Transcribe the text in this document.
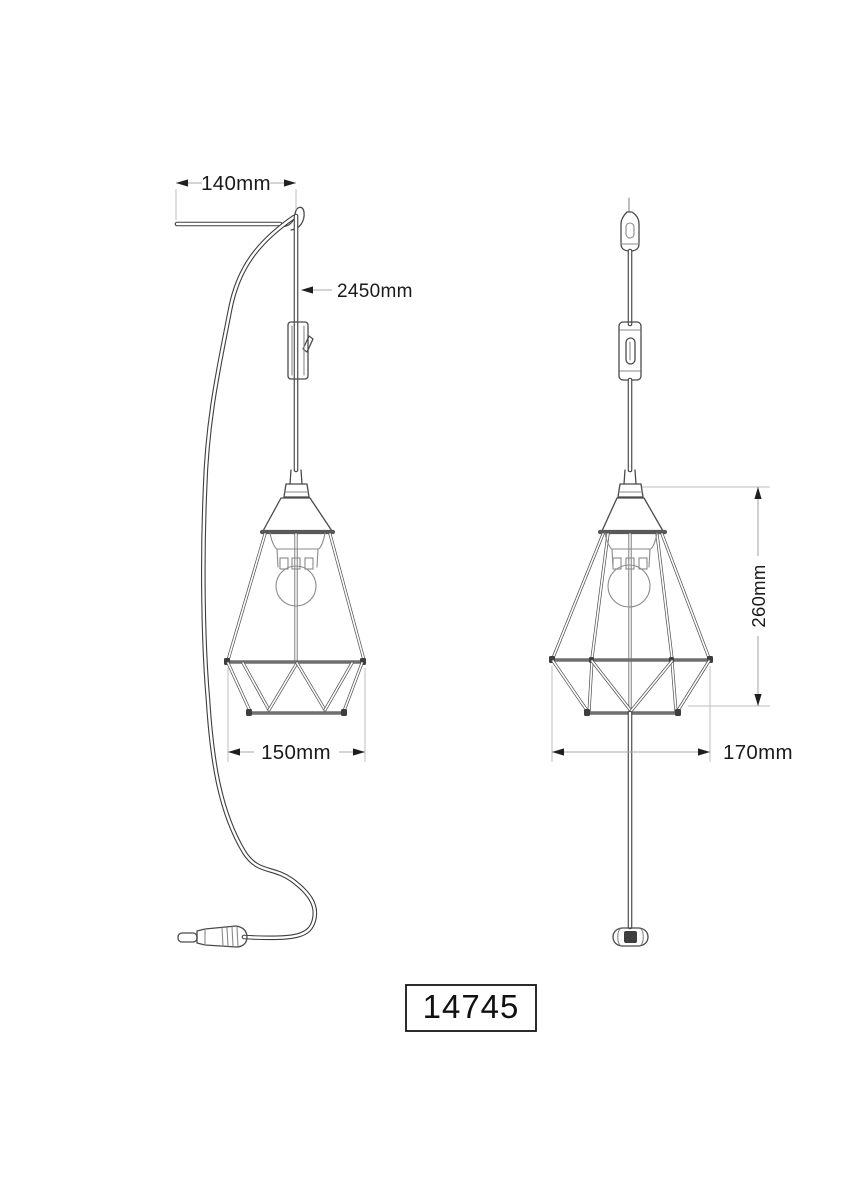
140mm
2450mm
150mm
260mm
170mm
14745
